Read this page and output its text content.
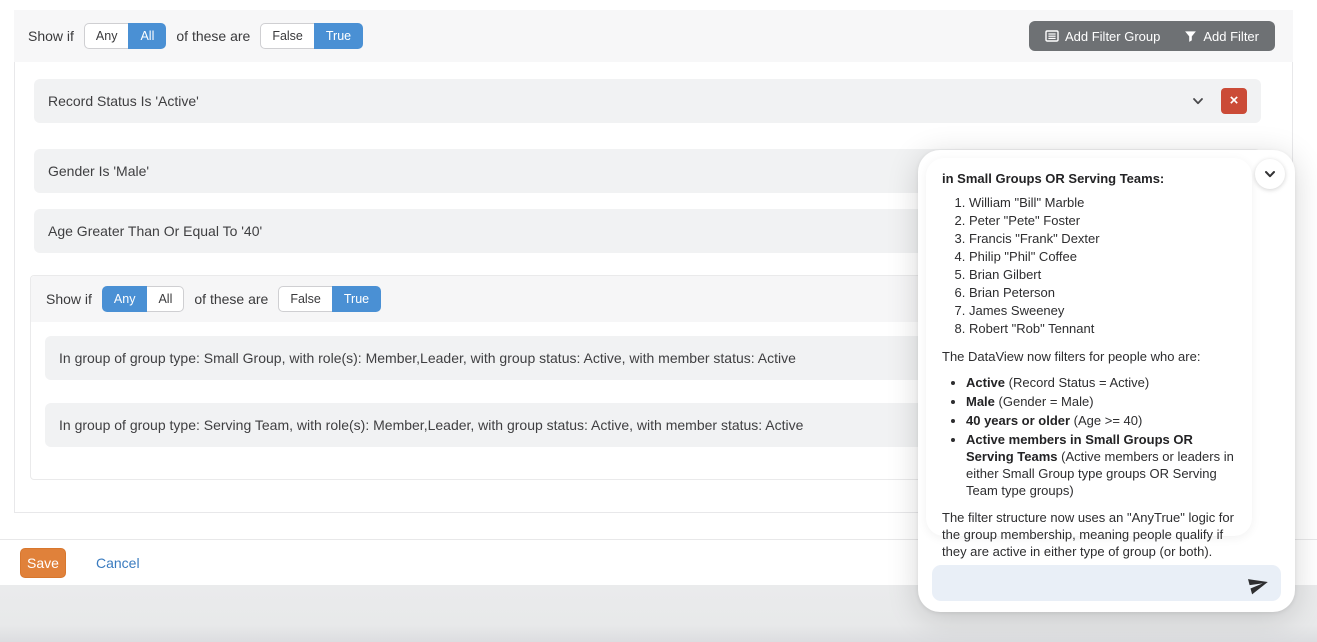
Show if	Any	All	of these are	False	True	Add Filter Group	Add Filter
Record Status Is 'Active'	×
Gender Is 'Male'
Age Greater Than Or Equal To '40'
Show if	Any	All	of these are	False	True
In group of group type: Small Group, with role(s): Member,Leader, with group status: Active, with member status: Active
In group of group type: Serving Team, with role(s): Member,Leader, with group status: Active, with member status: Active
Save	Cancel
in Small Groups OR Serving Teams:
1. William "Bill" Marble
2. Peter "Pete" Foster
3. Francis "Frank" Dexter
4. Philip "Phil" Coffee
5. Brian Gilbert
6. Brian Peterson
7. James Sweeney
8. Robert "Rob" Tennant

The DataView now filters for people who are:

• Active (Record Status = Active)
• Male (Gender = Male)
• 40 years or older (Age >= 40)
• Active members in Small Groups OR Serving Teams (Active members or leaders in either Small Group type groups OR Serving Team type groups)

The filter structure now uses an "AnyTrue" logic for the group membership, meaning people qualify if they are active in either type of group (or both).
